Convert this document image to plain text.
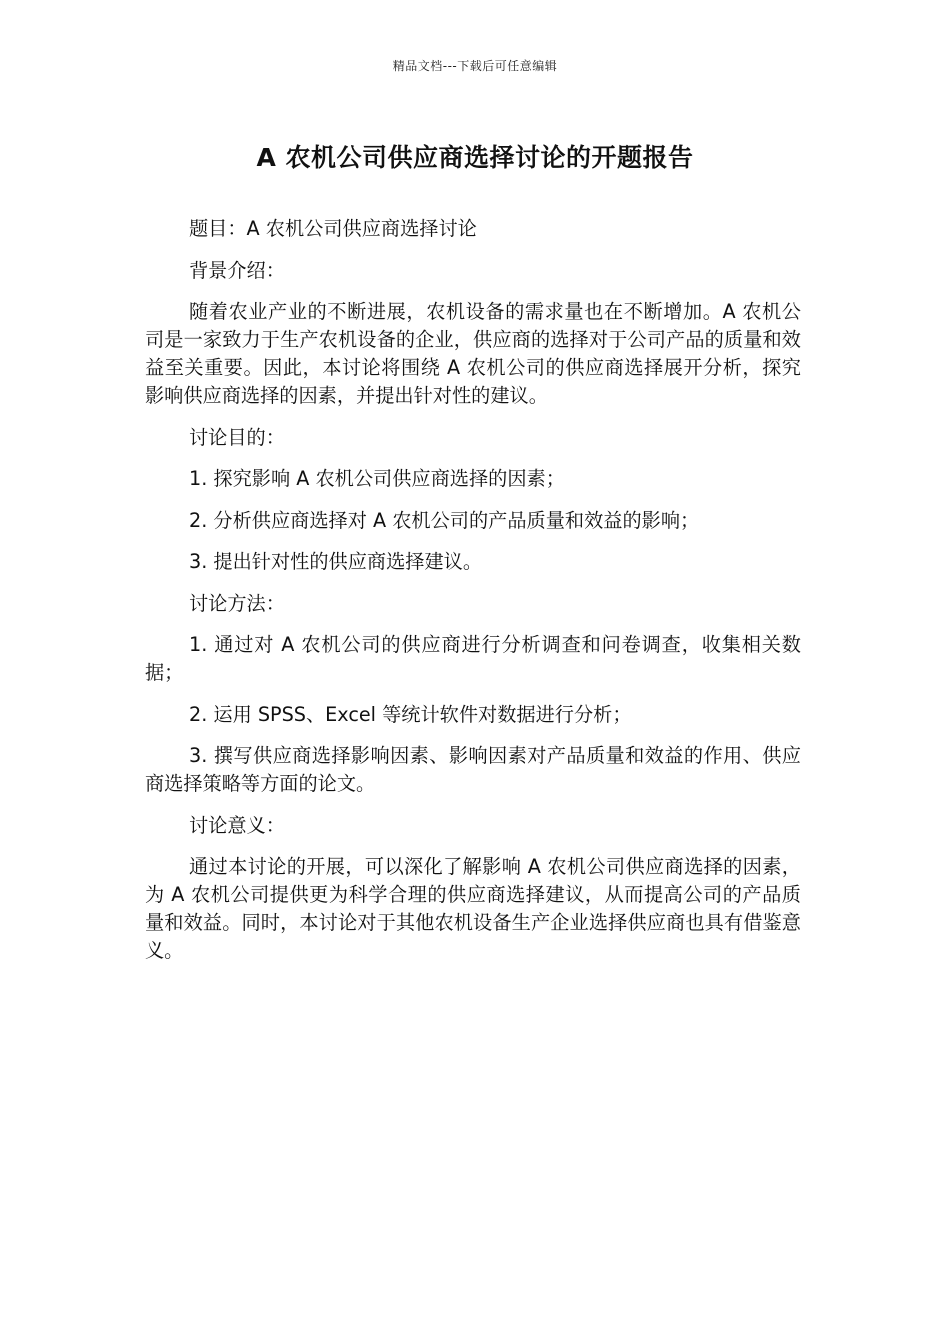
精品文档---下载后可任意编辑
A 农机公司供应商选择讨论的开题报告

题目：A 农机公司供应商选择讨论

背景介绍：

随着农业产业的不断进展，农机设备的需求量也在不断增加。A 农机公司是一家致力于生产农机设备的企业，供应商的选择对于公司产品的质量和效益至关重要。因此，本讨论将围绕 A 农机公司的供应商选择展开分析，探究影响供应商选择的因素，并提出针对性的建议。

讨论目的：

1. 探究影响 A 农机公司供应商选择的因素；

2. 分析供应商选择对 A 农机公司的产品质量和效益的影响；

3. 提出针对性的供应商选择建议。

讨论方法：

1. 通过对 A 农机公司的供应商进行分析调查和问卷调查，收集相关数据；

2. 运用 SPSS、Excel 等统计软件对数据进行分析；

3. 撰写供应商选择影响因素、影响因素对产品质量和效益的作用、供应商选择策略等方面的论文。

讨论意义：

通过本讨论的开展，可以深化了解影响 A 农机公司供应商选择的因素，为 A 农机公司提供更为科学合理的供应商选择建议，从而提高公司的产品质量和效益。同时，本讨论对于其他农机设备生产企业选择供应商也具有借鉴意义。
